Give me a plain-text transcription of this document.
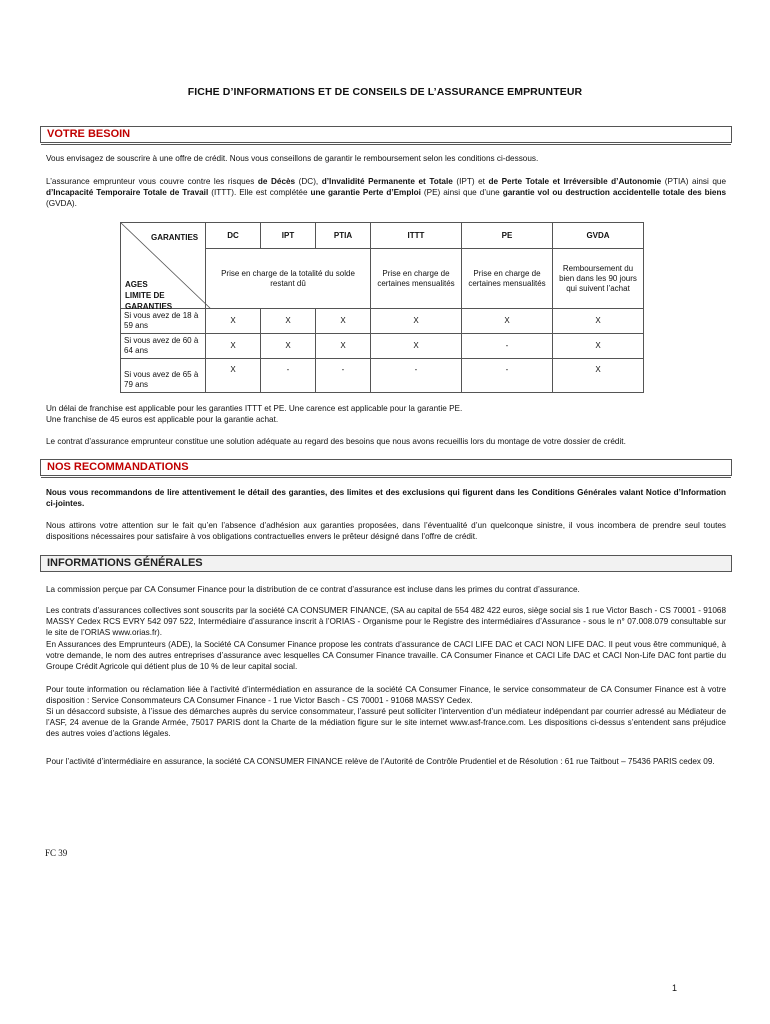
FICHE D’INFORMATIONS ET DE CONSEILS DE L’ASSURANCE EMPRUNTEUR
VOTRE BESOIN
Vous envisagez de souscrire à une offre de crédit. Nous vous conseillons de garantir le remboursement selon les conditions ci-dessous.
L’assurance emprunteur vous couvre contre les risques de Décès (DC), d’Invalidité Permanente et Totale (IPT) et de Perte Totale et Irréversible d’Autonomie (PTIA) ainsi que d’Incapacité Temporaire Totale de Travail (ITTT). Elle est complétée une garantie Perte d’Emploi (PE) ainsi que d’une garantie vol ou destruction accidentelle totale des biens (GVDA).
GARANTIES
AGES
LIMITE DE
GARANTIES	DC	IPT	PTIA	ITTT	PE	GVDA
	Prise en charge de la totalité du solde restant dû			Prise en charge de certaines mensualités	Prise en charge de certaines mensualités	Remboursement du bien dans les 90 jours qui suivent l’achat
Si vous avez de 18 à 59 ans	X	X	X	X	X	X
Si vous avez de 60 à 64 ans	X	X	X	X	-	X
Si vous avez de 65 à 79 ans	X	-	-	-	-	X
Un délai de franchise est applicable pour les garanties ITTT et PE. Une carence est applicable pour la garantie PE.
Une franchise de 45 euros est applicable pour la garantie achat.
Le contrat d’assurance emprunteur constitue une solution adéquate au regard des besoins que nous avons recueillis lors du montage de votre dossier de crédit.
NOS RECOMMANDATIONS
Nous vous recommandons de lire attentivement le détail des garanties, des limites et des exclusions qui figurent dans les Conditions Générales valant Notice d’Information ci-jointes.
Nous attirons votre attention sur le fait qu’en l’absence d’adhésion aux garanties proposées, dans l’éventualité d’un quelconque sinistre, il vous incombera de prendre seul toutes dispositions nécessaires pour satisfaire à vos obligations contractuelles envers le prêteur désigné dans l’offre de crédit.
INFORMATIONS GÉNÉRALES
La commission perçue par CA Consumer Finance pour la distribution de ce contrat d’assurance est incluse dans les primes du contrat d’assurance.
Les contrats d’assurances collectives sont souscrits par la société CA CONSUMER FINANCE, (SA au capital de 554 482 422 euros, siège social sis 1 rue Victor Basch - CS 70001 - 91068 MASSY Cedex RCS EVRY 542 097 522, Intermédiaire d’assurance inscrit à l’ORIAS - Organisme pour le Registre des intermédiaires d’Assurance - sous le n° 07.008.079 consultable sur le site de l’ORIAS www.orias.fr).
En Assurances des Emprunteurs (ADE), la Société CA Consumer Finance propose les contrats d’assurance de CACI LIFE DAC et CACI NON LIFE DAC. Il peut vous être communiqué, à votre demande, le nom des autres entreprises d’assurance avec lesquelles CA Consumer Finance travaille. CA Consumer Finance et CACI Life DAC et CACI Non-Life DAC font partie du Groupe Crédit Agricole qui détient plus de 10 % de leur capital social.
Pour toute information ou réclamation liée à l’activité d’intermédiation en assurance de la société CA Consumer Finance, le service consommateur de CA Consumer Finance est à votre disposition : Service Consommateurs CA Consumer Finance - 1 rue Victor Basch - CS 70001 - 91068 MASSY Cedex.
Si un désaccord subsiste, à l’issue des démarches auprès du service consommateur, l’assuré peut solliciter l’intervention d’un médiateur indépendant par courrier adressé au Médiateur de l’ASF, 24 avenue de la Grande Armée, 75017 PARIS dont la Charte de la médiation figure sur le site internet www.asf-france.com. Les dispositions ci-dessus s’entendent sans préjudice des autres voies d’actions légales.
Pour l’activité d’intermédiaire en assurance, la société CA CONSUMER FINANCE relève de l’Autorité de Contrôle Prudentiel et de Résolution : 61 rue Taitbout – 75436 PARIS cedex 09.
FC 39
1
